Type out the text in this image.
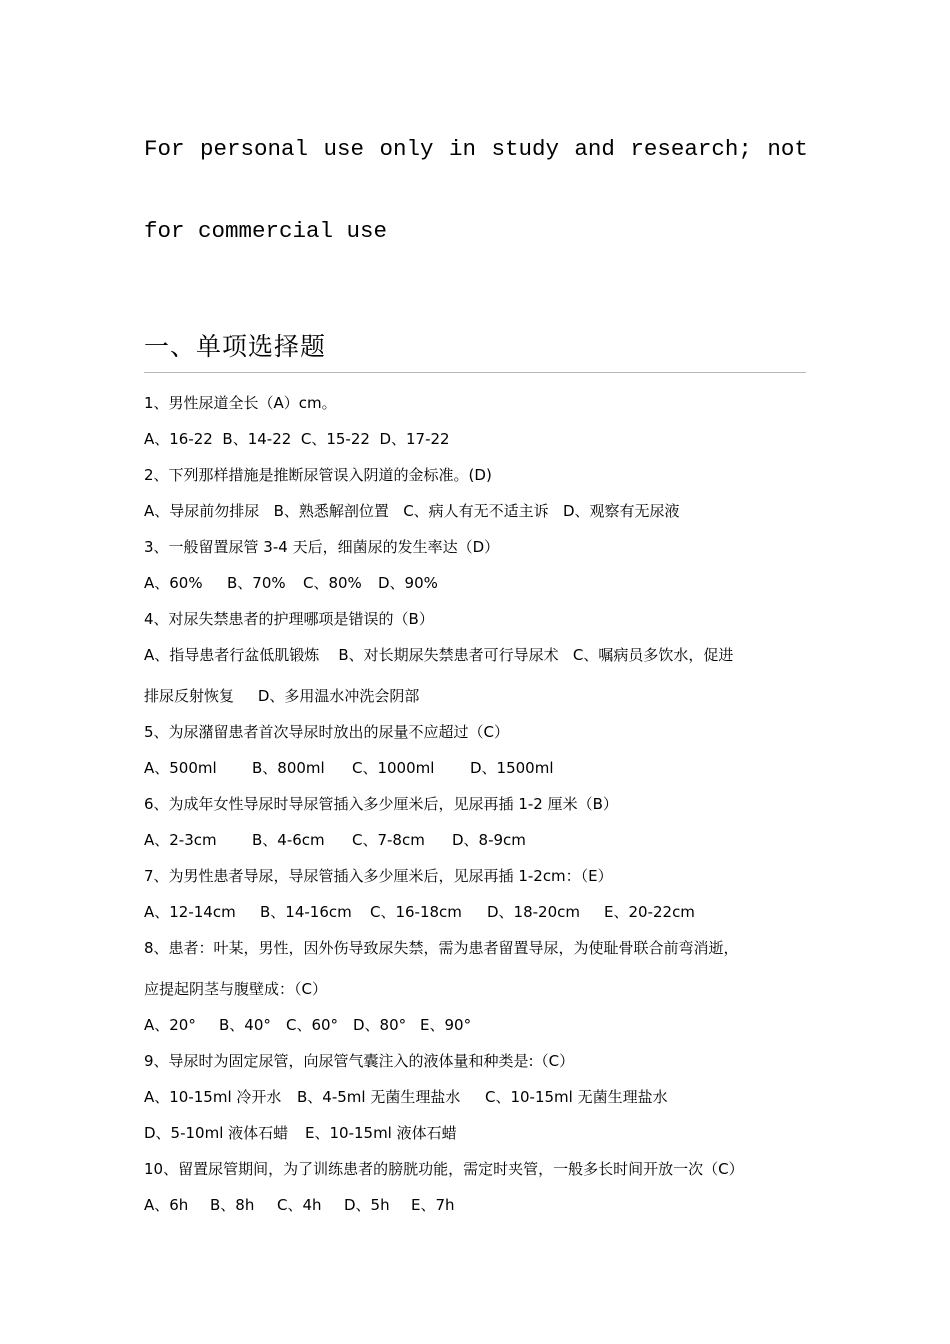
For personal use only in study and research; not

for commercial use

一、单项选择题

1、男性尿道全长（A）cm。

A、16-22 B、14-22 C、15-22 D、17-22

2、下列那样措施是推断尿管误入阴道的金标准。(D)

A、导尿前勿排尿 B、熟悉解剖位置 C、病人有无不适主诉 D、观察有无尿液

3、一般留置尿管 3-4 天后，细菌尿的发生率达（D）

A、60% B、70% C、80% D、90%

4、对尿失禁患者的护理哪项是错误的（B）

A、指导患者行盆低肌锻炼    B、对长期尿失禁患者可行导尿术   C、嘱病员多饮水，促进

排尿反射恢复     D、多用温水冲洗会阴部

5、为尿潴留患者首次导尿时放出的尿量不应超过（C）

A、500ml B、800ml C、1000ml D、1500ml

6、为成年女性导尿时导尿管插入多少厘米后，见尿再插 1-2 厘米（B）

A、2-3cm B、4-6cm C、7-8cm D、8-9cm

7、为男性患者导尿，导尿管插入多少厘米后，见尿再插 1-2cm：（E）

A、12-14cm B、14-16cm C、16-18cm D、18-20cm E、20-22cm

8、患者：叶某，男性，因外伤导致尿失禁，需为患者留置导尿，为使耻骨联合前弯消逝，

应提起阴茎与腹壁成：（C）

A、20° B、40° C、60° D、80° E、90°

9、导尿时为固定尿管，向尿管气囊注入的液体量和种类是:（C）

A、10-15ml 冷开水 B、4-5ml 无菌生理盐水 C、10-15ml 无菌生理盐水

D、5-10ml 液体石蜡 E、10-15ml 液体石蜡

10、留置尿管期间，为了训练患者的膀胱功能，需定时夹管，一般多长时间开放一次（C）

A、6h B、8h C、4h D、5h E、7h
